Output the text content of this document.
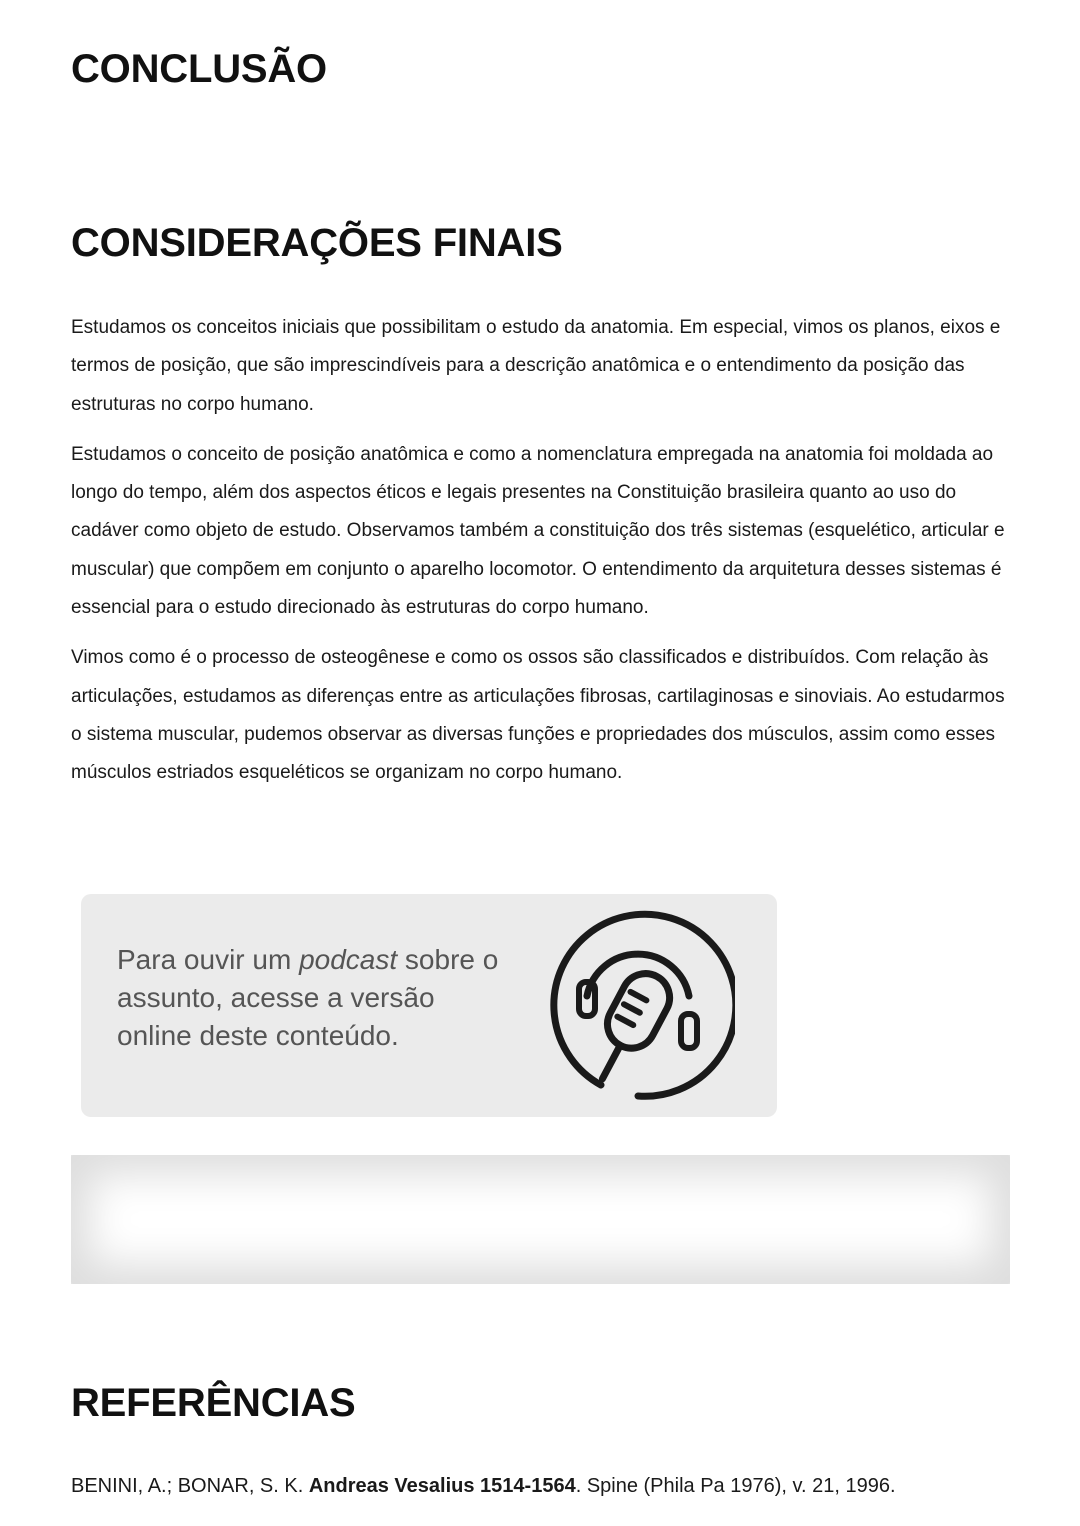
CONCLUSÃO
CONSIDERAÇÕES FINAIS

Estudamos os conceitos iniciais que possibilitam o estudo da anatomia. Em especial, vimos os planos, eixos e termos de posição, que são imprescindíveis para a descrição anatômica e o entendimento da posição das estruturas no corpo humano.

Estudamos o conceito de posição anatômica e como a nomenclatura empregada na anatomia foi moldada ao longo do tempo, além dos aspectos éticos e legais presentes na Constituição brasileira quanto ao uso do cadáver como objeto de estudo. Observamos também a constituição dos três sistemas (esquelético, articular e muscular) que compõem em conjunto o aparelho locomotor. O entendimento da arquitetura desses sistemas é essencial para o estudo direcionado às estruturas do corpo humano.

Vimos como é o processo de osteogênese e como os ossos são classificados e distribuídos. Com relação às articulações, estudamos as diferenças entre as articulações fibrosas, cartilaginosas e sinoviais. Ao estudarmos o sistema muscular, pudemos observar as diversas funções e propriedades dos músculos, assim como esses músculos estriados esqueléticos se organizam no corpo humano.

Para ouvir um podcast sobre o assunto, acesse a versão online deste conteúdo.
REFERÊNCIAS
BENINI, A.; BONAR, S. K. Andreas Vesalius 1514-1564. Spine (Phila Pa 1976), v. 21, 1996.
